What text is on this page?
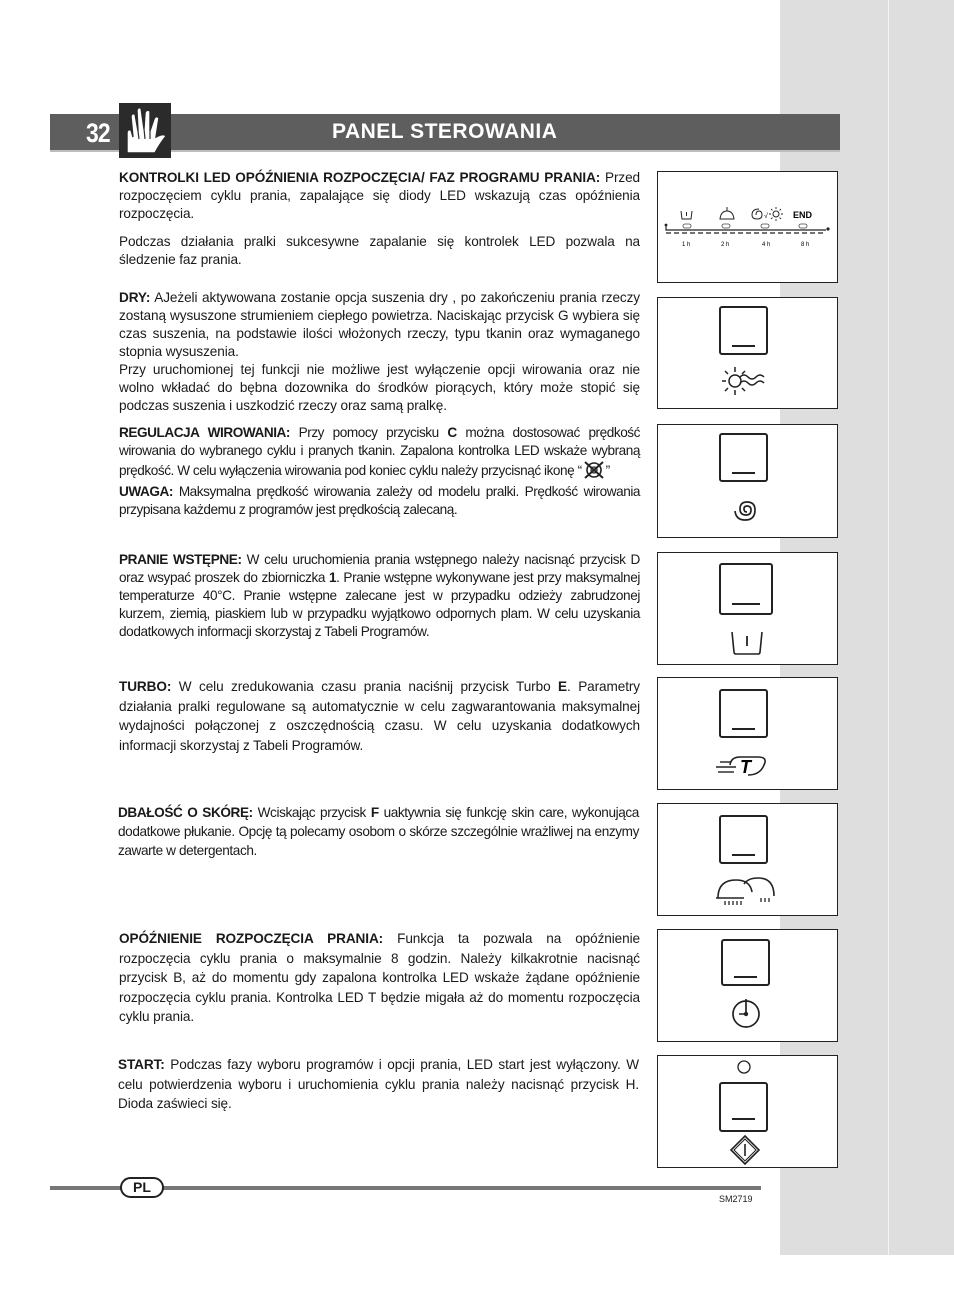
32	PANEL STEROWANIA

KONTROLKI LED OPÓŹNIENIA ROZPOCZĘCIA/ FAZ PROGRAMU PRANIA: Przed rozpoczęciem cyklu prania, zapalające się diody LED wskazują czas opóźnienia rozpoczęcia.

Podczas działania pralki sukcesywne zapalanie się kontrolek LED pozwala na śledzenie faz prania.

DRY: AJeżeli aktywowana zostanie opcja suszenia dry , po zakończeniu prania rzeczy zostaną wysuszone strumieniem ciepłego powietrza. Naciskając przycisk G wybiera się czas suszenia, na podstawie ilości włożonych rzeczy, typu tkanin oraz wymaganego stopnia wysuszenia.

Przy uruchomionej tej funkcji nie możliwe jest wyłączenie opcji wirowania oraz nie wolno wkładać do bębna dozownika do środków piorących, który może stopić się podczas suszenia i uszkodzić rzeczy oraz samą pralkę.

REGULACJA WIROWANIA: Przy pomocy przycisku C można dostosować prędkość wirowania do wybranego cyklu i pranych tkanin. Zapalona kontrolka LED wskaże wybraną prędkość. W celu wyłączenia wirowania pod koniec cyklu należy przycisnąć ikonę “ ”

UWAGA: Maksymalna prędkość wirowania zależy od modelu pralki. Prędkość wirowania przypisana każdemu z programów jest prędkością zalecaną.

PRANIE WSTĘPNE: W celu uruchomienia prania wstępnego należy nacisnąć przycisk D oraz wsypać proszek do zbiorniczka 1. Pranie wstępne wykonywane jest przy maksymalnej temperaturze 40°C. Pranie wstępne zalecane jest w przypadku odzieży zabrudzonej kurzem, ziemią, piaskiem lub w przypadku wyjątkowo odpornych plam. W celu uzyskania dodatkowych informacji skorzystaj z Tabeli Programów.

TURBO: W celu zredukowania czasu prania naciśnij przycisk Turbo E. Parametry działania pralki regulowane są automatycznie w celu zagwarantowania maksymalnej wydajności połączonej z oszczędnością czasu. W celu uzyskania dodatkowych informacji skorzystaj z Tabeli Programów.

DBAŁOŚĆ O SKÓRĘ: Wciskając przycisk F uaktywnia się funkcję skin care, wykonująca dodatkowe płukanie. Opcję tą polecamy osobom o skórze szczególnie wrażliwej na enzymy zawarte w detergentach.

OPÓŹNIENIE ROZPOCZĘCIA PRANIA: Funkcja ta pozwala na opóźnienie rozpoczęcia cyklu prania o maksymalnie 8 godzin. Należy kilkakrotnie nacisnąć przycisk B, aż do momentu gdy zapalona kontrolka LED wskaże żądane opóźnienie rozpoczęcia cyklu prania. Kontrolka LED T będzie migała aż do momentu rozpoczęcia cyklu prania.

START: Podczas fazy wyboru programów i opcji prania, LED start jest wyłączony. W celu potwierdzenia wyboru i uruchomienia cyklu prania należy nacisnąć przycisk H. Dioda zaświeci się.

√	END
1 h	2 h	4 h	8 h
T
PL
SM2719
